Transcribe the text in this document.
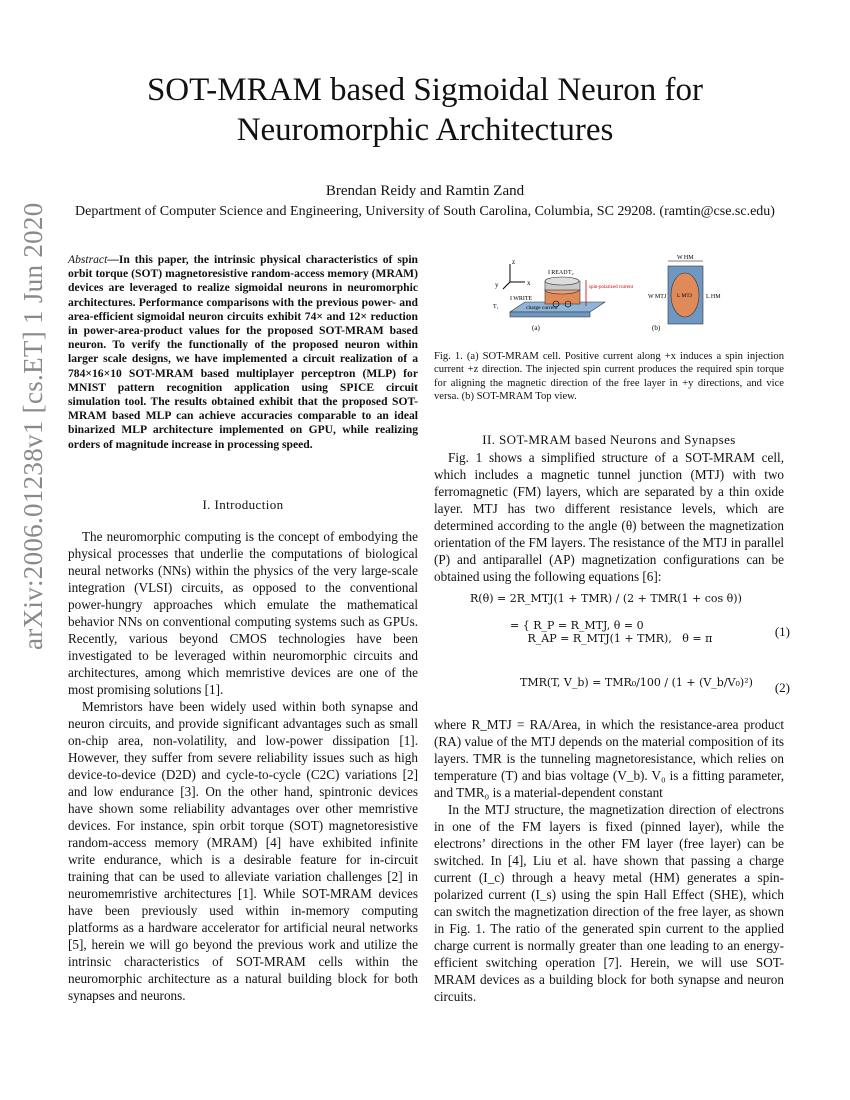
arXiv:2006.01238v1 [cs.ET] 1 Jun 2020
SOT-MRAM based Sigmoidal Neuron for
Neuromorphic Architectures
Brendan Reidy and Ramtin Zand
Department of Computer Science and Engineering, University of South Carolina, Columbia, SC 29208. (ramtin@cse.sc.edu)
Abstract—In this paper, the intrinsic physical characteristics of spin orbit torque (SOT) magnetoresistive random-access memory (MRAM) devices are leveraged to realize sigmoidal neurons in neuromorphic architectures. Performance comparisons with the previous power- and area-efficient sigmoidal neuron circuits exhibit 74× and 12× reduction in power-area-product values for the proposed SOT-MRAM based neuron. To verify the functionally of the proposed neuron within larger scale designs, we have implemented a circuit realization of a 784×16×10 SOT-MRAM based multiplayer perceptron (MLP) for MNIST pattern recognition application using SPICE circuit simulation tool. The results obtained exhibit that the proposed SOT-MRAM based MLP can achieve accuracies comparable to an ideal binarized MLP architecture implemented on GPU, while realizing orders of magnitude increase in processing speed.
I. Introduction

The neuromorphic computing is the concept of embodying the physical processes that underlie the computations of biological neural networks (NNs) within the physics of the very large-scale integration (VLSI) circuits, as opposed to the conventional power-hungry approaches which emulate the mathematical behavior NNs on conventional computing systems such as GPUs. Recently, various beyond CMOS technologies have been investigated to be leveraged within neuromorphic circuits and architectures, among which memristive devices are one of the most promising solutions [1].

Memristors have been widely used within both synapse and neuron circuits, and provide significant advantages such as small on-chip area, non-volatility, and low-power dissipation [1]. However, they suffer from severe reliability issues such as high device-to-device (D2D) and cycle-to-cycle (C2C) variations [2] and low endurance [3]. On the other hand, spintronic devices have shown some reliability advantages over other memristive devices. For instance, spin orbit torque (SOT) magnetoresistive random-access memory (MRAM) [4] have exhibited infinite write endurance, which is a desirable feature for in-circuit training that can be used to alleviate variation challenges [2] in neuromemristive architectures [1]. While SOT-MRAM devices have been previously used within in-memory computing platforms as a hardware accelerator for artificial neural networks [5], herein we will go beyond the previous work and utilize the intrinsic characteristics of SOT-MRAM cells within the neuromorphic architecture as a natural building block for both synapses and neurons.

z
x
y
I READ T₂
T₁
I WRITE
charge current
spin-polarized current
(a)
W HM
W MTJ L MTJ L HM
(b)
Fig. 1. (a) SOT-MRAM cell. Positive current along +x induces a spin injection current +z direction. The injected spin current produces the required spin torque for aligning the magnetic direction of the free layer in +y directions, and vice versa. (b) SOT-MRAM Top view.
II. SOT-MRAM based Neurons and Synapses

Fig. 1 shows a simplified structure of a SOT-MRAM cell, which includes a magnetic tunnel junction (MTJ) with two ferromagnetic (FM) layers, which are separated by a thin oxide layer. MTJ has two different resistance levels, which are determined according to the angle (θ) between the magnetization orientation of the FM layers. The resistance of the MTJ in parallel (P) and antiparallel (AP) magnetization configurations can be obtained using the following equations [6]:

R(θ) = 2R_MTJ(1 + TMR) / (2 + TMR(1 + cos θ))
= { R_P = R_MTJ, θ = 0
R_AP = R_MTJ(1 + TMR),   θ = π	(1)
TMR(T, V_b) = TMR₀/100 / (1 + (V_b/V₀)²)	(2)

where R_MTJ = RA/Area, in which the resistance-area product (RA) value of the MTJ depends on the material composition of its layers. TMR is the tunneling magnetoresistance, which relies on temperature (T) and bias voltage (V_b). V₀ is a fitting parameter, and TMR₀ is a material-dependent constant

In the MTJ structure, the magnetization direction of electrons in one of the FM layers is fixed (pinned layer), while the electrons’ directions in the other FM layer (free layer) can be switched. In [4], Liu et al. have shown that passing a charge current (I_c) through a heavy metal (HM) generates a spin-polarized current (I_s) using the spin Hall Effect (SHE), which can switch the magnetization direction of the free layer, as shown in Fig. 1. The ratio of the generated spin current to the applied charge current is normally greater than one leading to an energy-efficient switching operation [7]. Herein, we will use SOT-MRAM devices as a building block for both synapse and neuron circuits.
